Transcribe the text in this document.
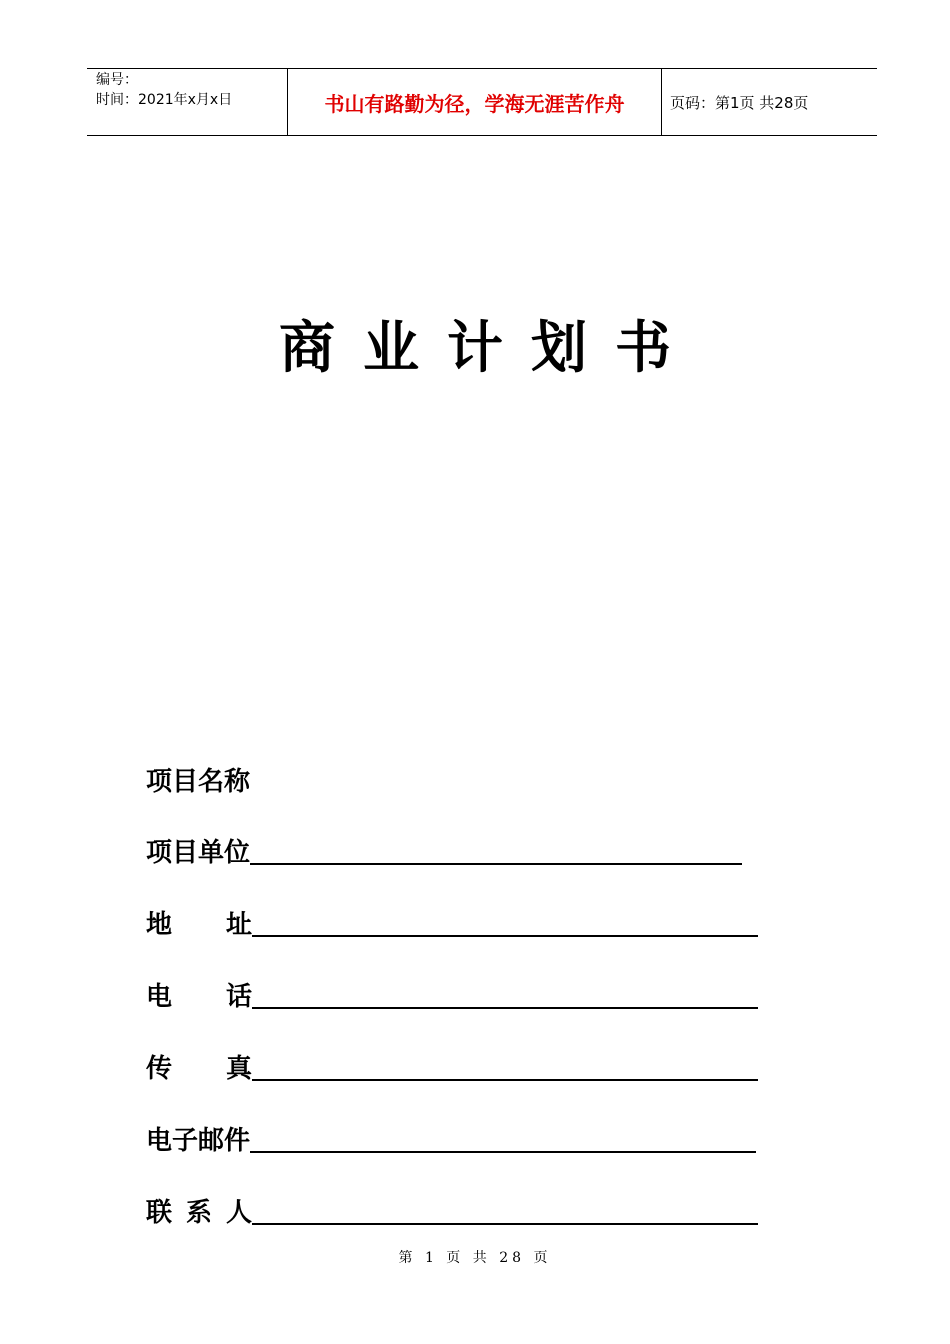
编号：
时间：2021年x月x日	书山有路勤为径，学海无涯苦作舟	页码：第1页 共28页
商业计划书
项目名称
项目单位
地 址
电 话
传 真
电子邮件
联 系 人
第 1 页 共 28 页
